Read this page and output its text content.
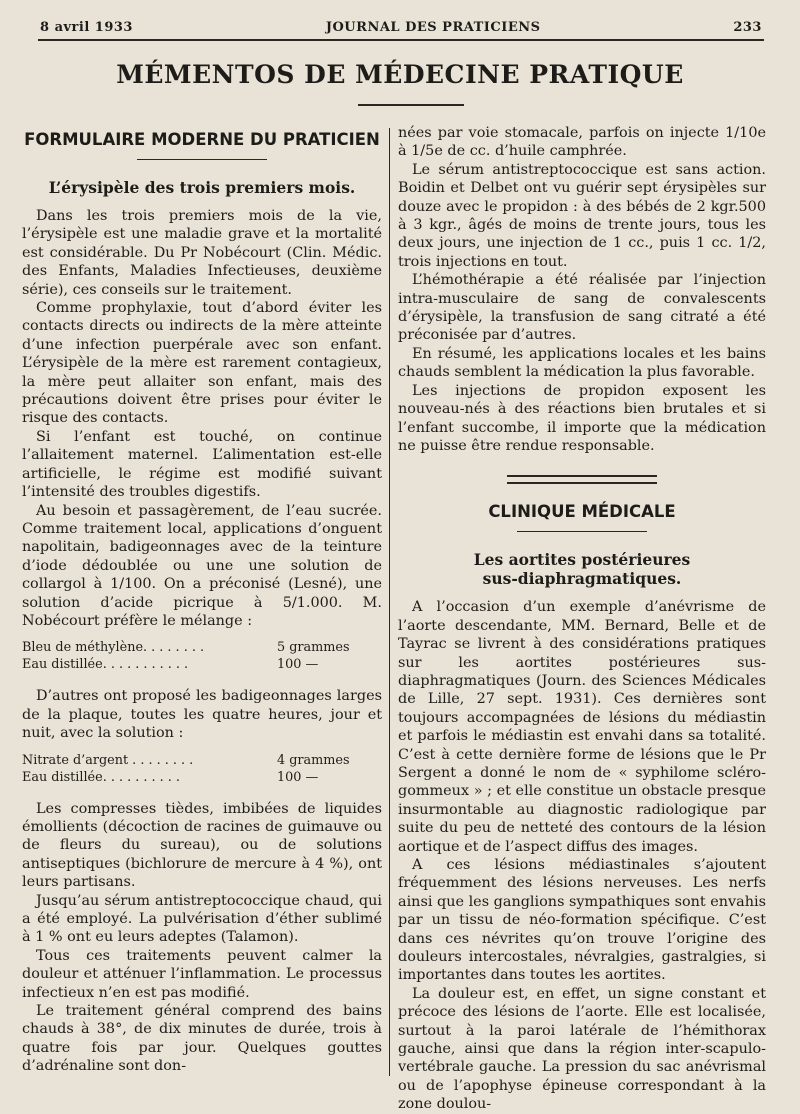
8 avril 1933	JOURNAL DES PRATICIENS	233
MÉMENTOS DE MÉDECINE PRATIQUE
FORMULAIRE MODERNE DU PRATICIEN
L’érysipèle des trois premiers mois.

Dans les trois premiers mois de la vie, l’érysipèle est une maladie grave et la mortalité est considérable. Du Pr Nobécourt (Clin. Médic. des Enfants, Maladies Infectieuses, deuxième série), ces conseils sur le traitement.

Comme prophylaxie, tout d’abord éviter les contacts directs ou indirects de la mère atteinte d’une infection puerpérale avec son enfant. L’érysipèle de la mère est rarement contagieux, la mère peut allaiter son enfant, mais des précautions doivent être prises pour éviter le risque des contacts.

Si l’enfant est touché, on continue l’allaitement maternel. L’alimentation est-elle artificielle, le régime est modifié suivant l’intensité des troubles digestifs.

Au besoin et passagèrement, de l’eau sucrée. Comme traitement local, applications d’onguent napolitain, badigeonnages avec de la teinture d’iode dédoublée ou une une solution de collargol à 1/100. On a préconisé (Lesné), une solution d’acide picrique à 5/1.000. M. Nobécourt préfère le mélange :

Bleu de méthylène. . . . . . . .	5 grammes
Eau distillée. . . . . . . . . . .	100 —

D’autres ont proposé les badigeonnages larges de la plaque, toutes les quatre heures, jour et nuit, avec la solution :

Nitrate d’argent . . . . . . . .	4 grammes
Eau distillée. . . . . . . . . .	100 —

Les compresses tièdes, imbibées de liquides émollients (décoction de racines de guimauve ou de fleurs du sureau), ou de solutions antiseptiques (bichlorure de mercure à 4 %), ont leurs partisans.

Jusqu’au sérum antistreptococcique chaud, qui a été employé. La pulvérisation d’éther sublimé à 1 % ont eu leurs adeptes (Talamon).

Tous ces traitements peuvent calmer la douleur et atténuer l’inflammation. Le processus infectieux n’en est pas modifié.

Le traitement général comprend des bains chauds à 38°, de dix minutes de durée, trois à quatre fois par jour. Quelques gouttes d’adrénaline sont don-

nées par voie stomacale, parfois on injecte 1/10e à 1/5e de cc. d’huile camphrée.

Le sérum antistreptococcique est sans action. Boidin et Delbet ont vu guérir sept érysipèles sur douze avec le propidon : à des bébés de 2 kgr.500 à 3 kgr., âgés de moins de trente jours, tous les deux jours, une injection de 1 cc., puis 1 cc. 1/2, trois injections en tout.

L’hémothérapie a été réalisée par l’injection intra-musculaire de sang de convalescents d’érysipèle, la transfusion de sang citraté a été préconisée par d’autres.

En résumé, les applications locales et les bains chauds semblent la médication la plus favorable.

Les injections de propidon exposent les nouveau-nés à des réactions bien brutales et si l’enfant succombe, il importe que la médication ne puisse être rendue responsable.

CLINIQUE MÉDICALE
Les aortites postérieures
sus-diaphragmatiques.

A l’occasion d’un exemple d’anévrisme de l’aorte descendante, MM. Bernard, Belle et de Tayrac se livrent à des considérations pratiques sur les aortites postérieures sus-diaphragmatiques (Journ. des Sciences Médicales de Lille, 27 sept. 1931). Ces dernières sont toujours accompagnées de lésions du médiastin et parfois le médiastin est envahi dans sa totalité. C’est à cette dernière forme de lésions que le Pr Sergent a donné le nom de « syphilome scléro-gommeux » ; et elle constitue un obstacle presque insurmontable au diagnostic radiologique par suite du peu de netteté des contours de la lésion aortique et de l’aspect diffus des images.

A ces lésions médiastinales s’ajoutent fréquemment des lésions nerveuses. Les nerfs ainsi que les ganglions sympathiques sont envahis par un tissu de néo-formation spécifique. C’est dans ces névrites qu’on trouve l’origine des douleurs intercostales, névralgies, gastralgies, si importantes dans toutes les aortites.

La douleur est, en effet, un signe constant et précoce des lésions de l’aorte. Elle est localisée, surtout à la paroi latérale de l’hémithorax gauche, ainsi que dans la région inter-scapulo-vertébrale gauche. La pression du sac anévrismal ou de l’apophyse épineuse correspondant à la zone doulou-
